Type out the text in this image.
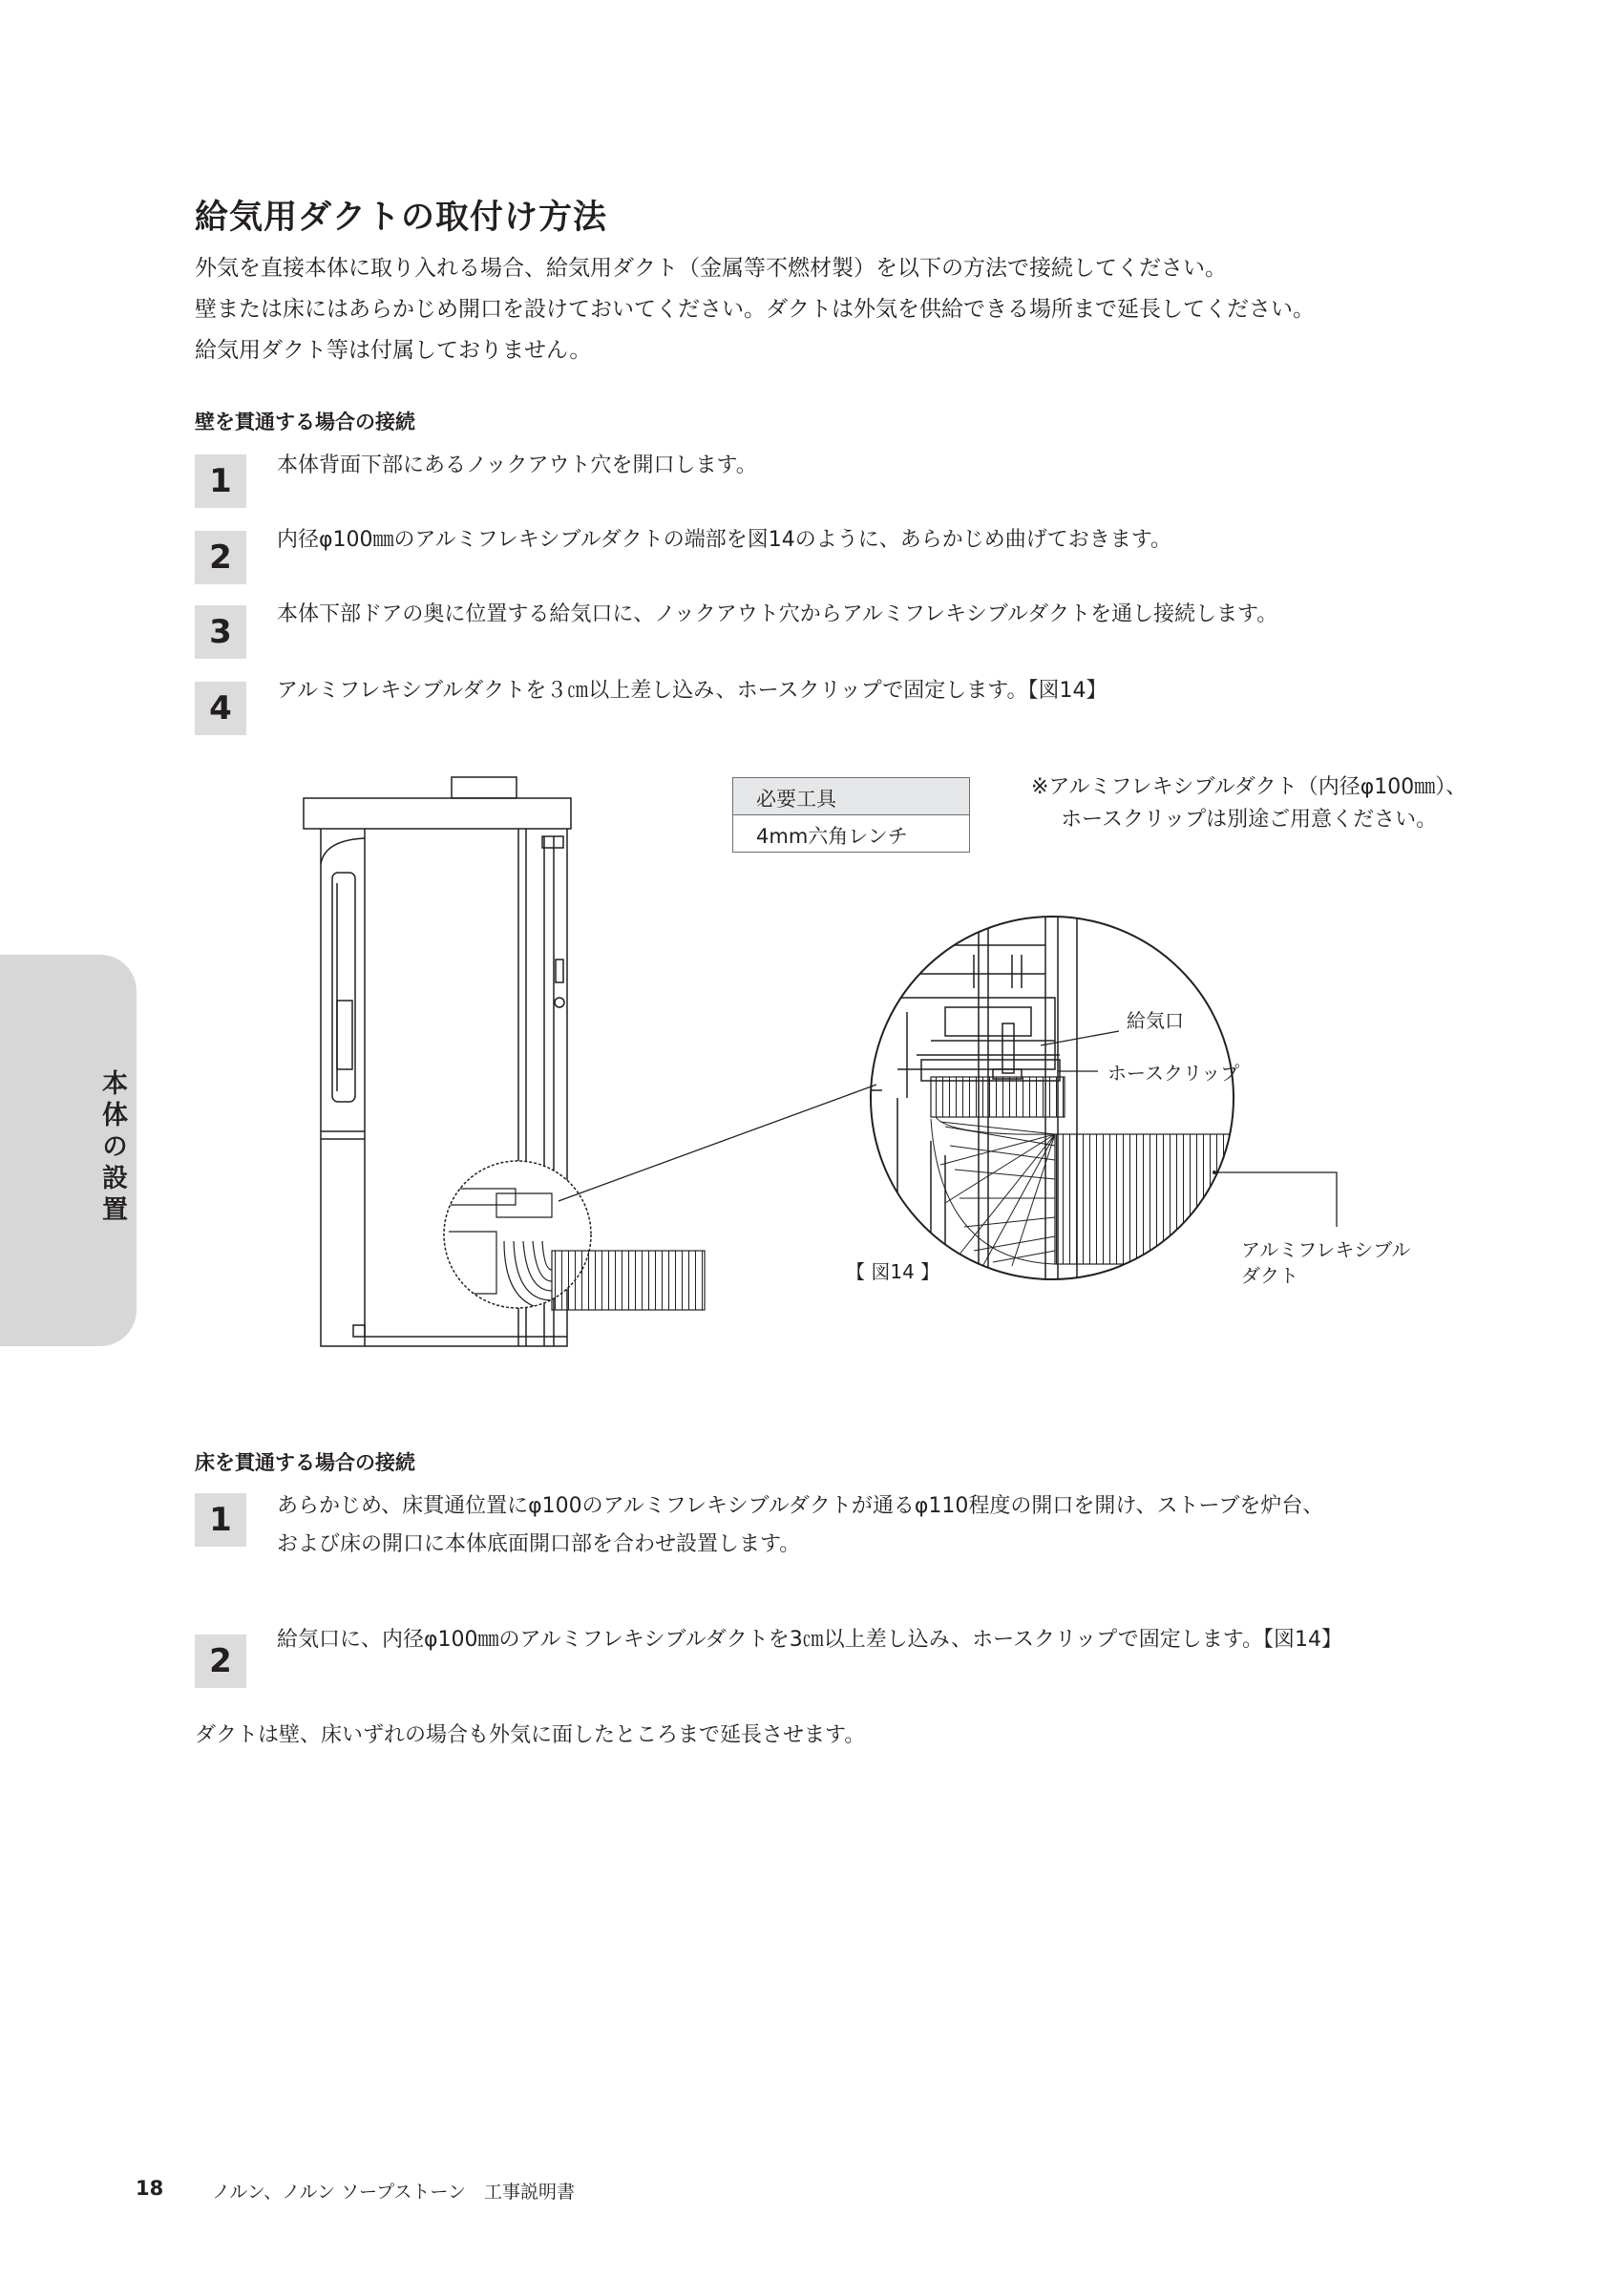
給気用ダクトの取付け方法
外気を直接本体に取り入れる場合、給気用ダクト（金属等不燃材製）を以下の方法で接続してください。
壁または床にはあらかじめ開口を設けておいてください。ダクトは外気を供給できる場所まで延長してください。
給気用ダクト等は付属しておりません。
壁を貫通する場合の接続
1	本体背面下部にあるノックアウト穴を開口します。
2	内径φ100㎜のアルミフレキシブルダクトの端部を図14のように、あらかじめ曲げておきます。
3	本体下部ドアの奥に位置する給気口に、ノックアウト穴からアルミフレキシブルダクトを通し接続します。
4	アルミフレキシブルダクトを３㎝以上差し込み、ホースクリップで固定します。【図14】
必要工具
4mm六角レンチ
※アルミフレキシブルダクト（内径φ100㎜）、
ホースクリップは別途ご用意ください。
本体の設置
給気口
ホースクリップ
アルミフレキシブル
ダクト
【 図14 】
床を貫通する場合の接続
1	あらかじめ、床貫通位置にφ100のアルミフレキシブルダクトが通るφ110程度の開口を開け、ストーブを炉台、
および床の開口に本体底面開口部を合わせ設置します。
2
給気口に、内径φ100㎜のアルミフレキシブルダクトを3㎝以上差し込み、ホースクリップで固定します。【図14】
ダクトは壁、床いずれの場合も外気に面したところまで延長させます。
18	ノルン、ノルン ソープストーン　工事説明書
